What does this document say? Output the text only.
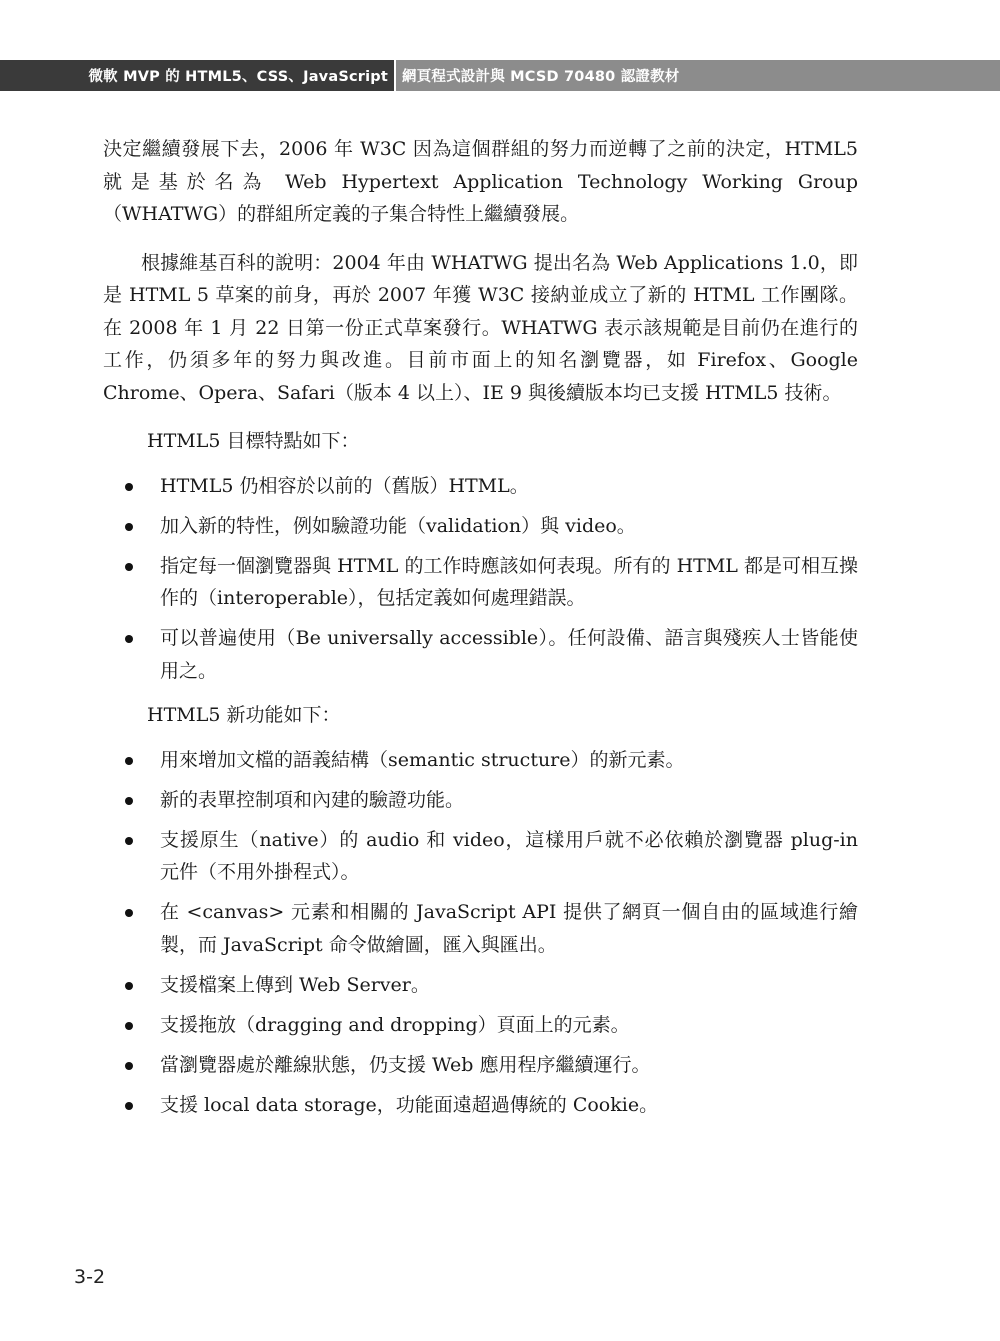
微軟 MVP 的 HTML5、CSS、JavaScript 網頁程式設計與 MCSD 70480 認證教材

決定繼續發展下去，2006 年 W3C 因為這個群組的努力而逆轉了之前的決定，HTML5 就是基於名為 Web Hypertext Application Technology Working Group（WHATWG）的群組所定義的子集合特性上繼續發展。

根據維基百科的說明：2004 年由 WHATWG 提出名為 Web Applications 1.0，即是 HTML 5 草案的前身，再於 2007 年獲 W3C 接納並成立了新的 HTML 工作團隊。在 2008 年 1 月 22 日第一份正式草案發行。WHATWG 表示該規範是目前仍在進行的工作，仍須多年的努力與改進。目前市面上的知名瀏覽器，如 Firefox、Google Chrome、Opera、Safari（版本 4 以上）、IE 9 與後續版本均已支援 HTML5 技術。

HTML5 目標特點如下：

HTML5 仍相容於以前的（舊版）HTML。
加入新的特性，例如驗證功能（validation）與 video。
指定每一個瀏覽器與 HTML 的工作時應該如何表現。所有的 HTML 都是可相互操作的（interoperable），包括定義如何處理錯誤。
可以普遍使用（Be universally accessible）。任何設備、語言與殘疾人士皆能使用之。

HTML5 新功能如下：

用來增加文檔的語義結構（semantic structure）的新元素。
新的表單控制項和內建的驗證功能。
支援原生（native）的 audio 和 video，這樣用戶就不必依賴於瀏覽器 plug-in 元件（不用外掛程式）。
在 <canvas> 元素和相關的 JavaScript API 提供了網頁一個自由的區域進行繪製，而 JavaScript 命令做繪圖，匯入與匯出。
支援檔案上傳到 Web Server。
支援拖放（dragging and dropping）頁面上的元素。
當瀏覽器處於離線狀態，仍支援 Web 應用程序繼續運行。
支援 local data storage，功能面遠超過傳統的 Cookie。
3-2
